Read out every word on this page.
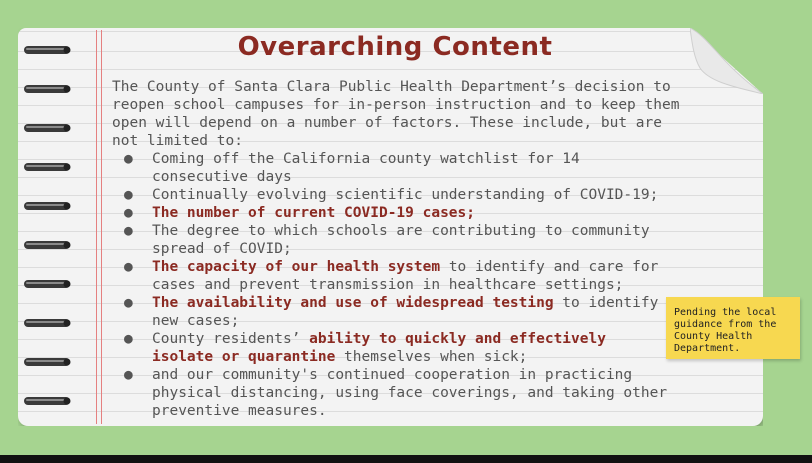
Overarching Content
The County of Santa Clara Public Health Department’s decision to reopen school campuses for in-person instruction and to keep them open will depend on a number of factors. These include, but are not limited to:
● Coming off the California county watchlist for 14 consecutive days
● Continually evolving scientific understanding of COVID-19;
● The number of current COVID-19 cases;
● The degree to which schools are contributing to community spread of COVID;
● The capacity of our health system to identify and care for cases and prevent transmission in healthcare settings;
● The availability and use of widespread testing to identify new cases;
● County residents’ ability to quickly and effectively isolate or quarantine themselves when sick;
● and our community's continued cooperation in practicing physical distancing, using face coverings, and taking other preventive measures.
Pending the local guidance from the County Health Department.
